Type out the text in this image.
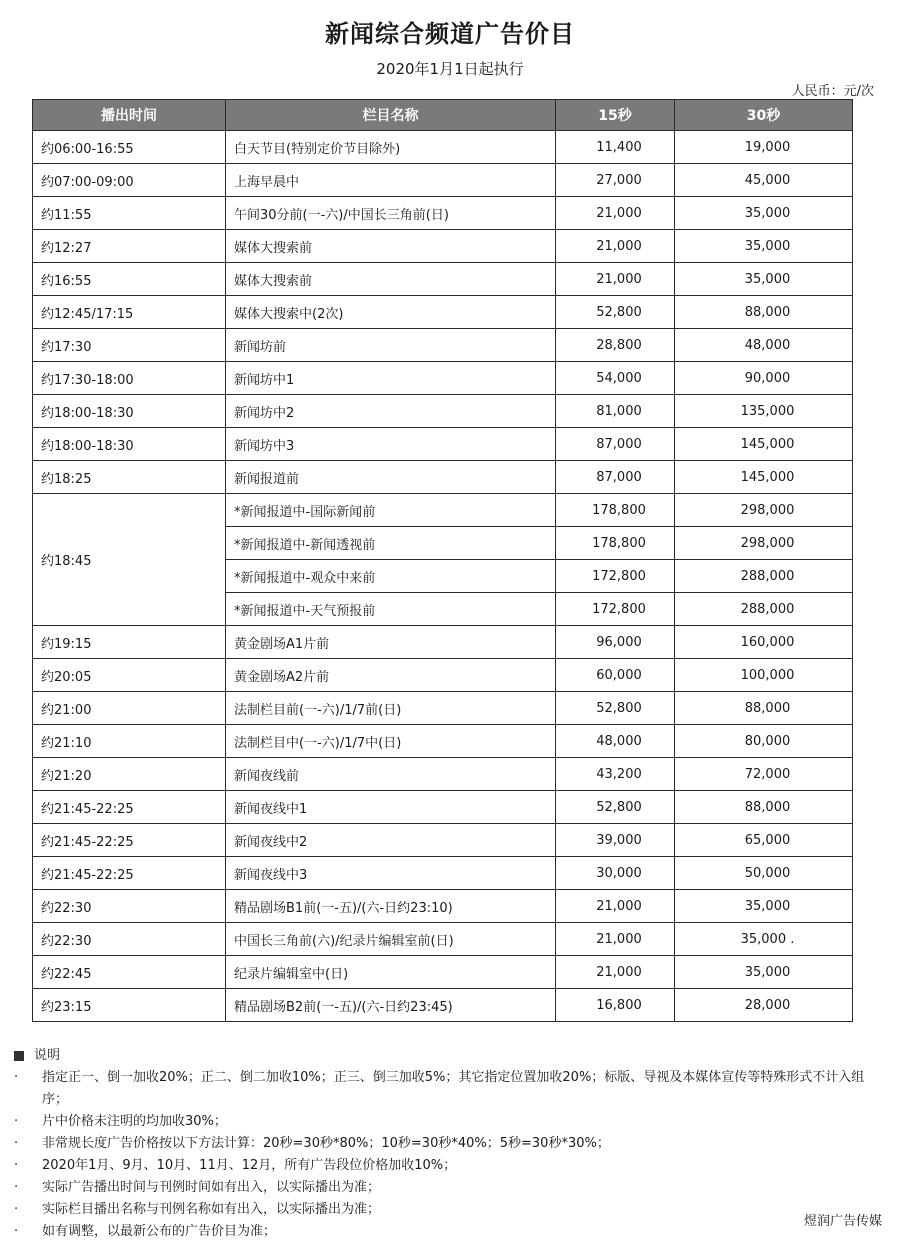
新闻综合频道广告价目
2020年1月1日起执行
人民币：元/次
播出时间	栏目名称	15秒	30秒
约06:00-16:55	白天节目(特别定价节目除外)	11,400	19,000
约07:00-09:00	上海早晨中	27,000	45,000
约11:55	午间30分前(一-六)/中国长三角前(日)	21,000	35,000
约12:27	媒体大搜索前	21,000	35,000
约16:55	媒体大搜索前	21,000	35,000
约12:45/17:15	媒体大搜索中(2次)	52,800	88,000
约17:30	新闻坊前	28,800	48,000
约17:30-18:00	新闻坊中1	54,000	90,000
约18:00-18:30	新闻坊中2	81,000	135,000
约18:00-18:30	新闻坊中3	87,000	145,000
约18:25	新闻报道前	87,000	145,000
约18:45	*新闻报道中-国际新闻前	178,800	298,000
	*新闻报道中-新闻透视前	178,800	298,000
	*新闻报道中-观众中来前	172,800	288,000
	*新闻报道中-天气预报前	172,800	288,000
约19:15	黄金剧场A1片前	96,000	160,000
约20:05	黄金剧场A2片前	60,000	100,000
约21:00	法制栏目前(一-六)/1/7前(日)	52,800	88,000
约21:10	法制栏目中(一-六)/1/7中(日)	48,000	80,000
约21:20	新闻夜线前	43,200	72,000
约21:45-22:25	新闻夜线中1	52,800	88,000
约21:45-22:25	新闻夜线中2	39,000	65,000
约21:45-22:25	新闻夜线中3	30,000	50,000
约22:30	精品剧场B1前(一-五)/(六-日约23:10)	21,000	35,000
约22:30	中国长三角前(六)/纪录片编辑室前(日)	21,000	35,000 .
约22:45	纪录片编辑室中(日)	21,000	35,000
约23:15	精品剧场B2前(一-五)/(六-日约23:45)	16,800	28,000
说明
·	指定正一、倒一加收20%；正二、倒二加收10%；正三、倒三加收5%；其它指定位置加收20%；标版、导视及本媒体宣传等特殊形式不计入组序；
·	片中价格未注明的均加收30%；
·	非常规长度广告价格按以下方法计算：20秒=30秒*80%；10秒=30秒*40%；5秒=30秒*30%；
·	2020年1月、9月、10月、11月、12月，所有广告段位价格加收10%；
·	实际广告播出时间与刊例时间如有出入，以实际播出为准；
·	实际栏目播出名称与刊例名称如有出入，以实际播出为准；
·	如有调整，以最新公布的广告价目为准；
煜润广告传媒
